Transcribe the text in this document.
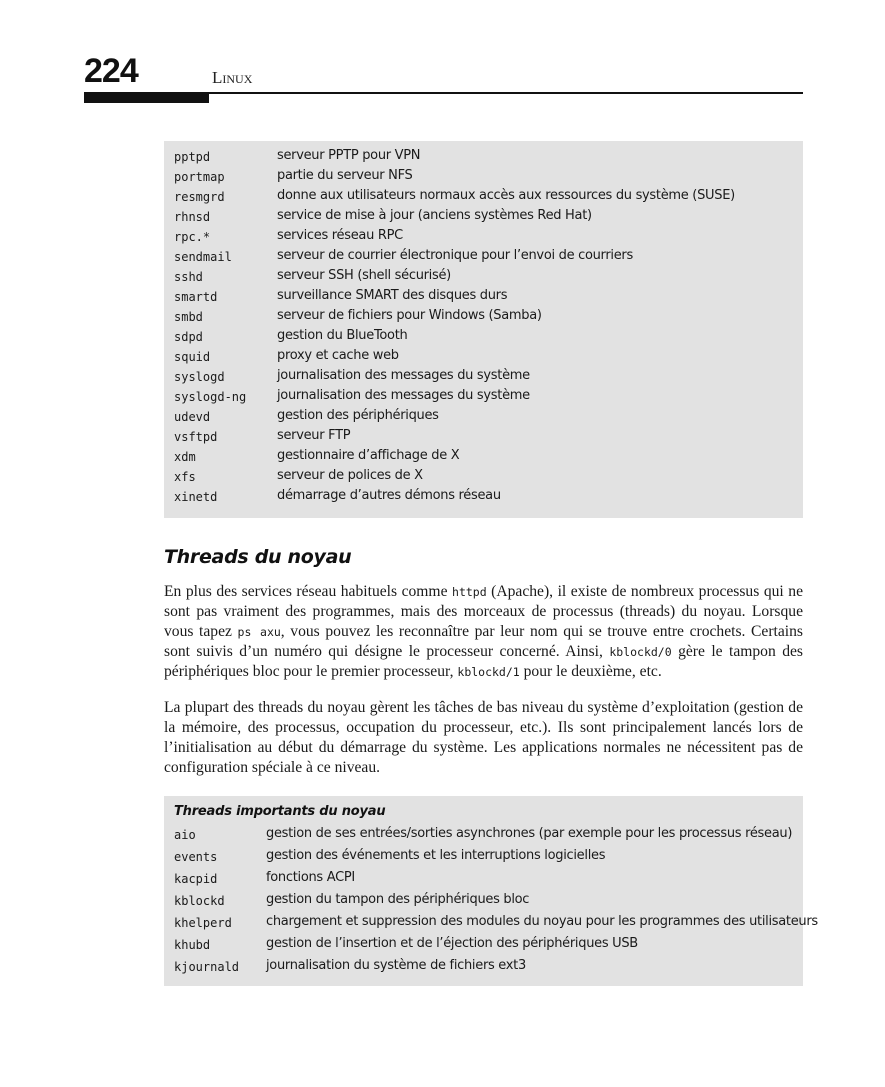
224	Linux
pptpd	serveur PPTP pour VPN
portmap	partie du serveur NFS
resmgrd	donne aux utilisateurs normaux accès aux ressources du système (SUSE)
rhnsd	service de mise à jour (anciens systèmes Red Hat)
rpc.*	services réseau RPC
sendmail	serveur de courrier électronique pour l’envoi de courriers
sshd	serveur SSH (shell sécurisé)
smartd	surveillance SMART des disques durs
smbd	serveur de fichiers pour Windows (Samba)
sdpd	gestion du BlueTooth
squid	proxy et cache web
syslogd	journalisation des messages du système
syslogd-ng journalisation des messages du système
udevd	gestion des périphériques
vsftpd	serveur FTP
xdm	gestionnaire d’affichage de X
xfs	serveur de polices de X
xinetd	démarrage d’autres démons réseau
Threads du noyau

En plus des services réseau habituels comme httpd (Apache), il existe de nombreux processus qui ne sont pas vraiment des programmes, mais des morceaux de processus (threads) du noyau. Lorsque vous tapez ps axu, vous pouvez les reconnaître par leur nom qui se trouve entre crochets. Certains sont suivis d’un numéro qui désigne le processeur concerné. Ainsi, kblockd/0 gère le tampon des périphériques bloc pour le premier processeur, kblockd/1 pour le deuxième, etc.

La plupart des threads du noyau gèrent les tâches de bas niveau du système d’exploitation (gestion de la mémoire, des processus, occupation du processeur, etc.). Ils sont principalement lancés lors de l’initialisation au début du démarrage du système. Les applications normales ne nécessitent pas de configuration spéciale à ce niveau.

Threads importants du noyau
aio	gestion de ses entrées/sorties asynchrones (par exemple pour les processus réseau)
events	gestion des événements et les interruptions logicielles
kacpid	fonctions ACPI
kblockd	gestion du tampon des périphériques bloc
khelperd	chargement et suppression des modules du noyau pour les programmes des utilisateurs
khubd	gestion de l’insertion et de l’éjection des périphériques USB
kjournald journalisation du système de fichiers ext3
